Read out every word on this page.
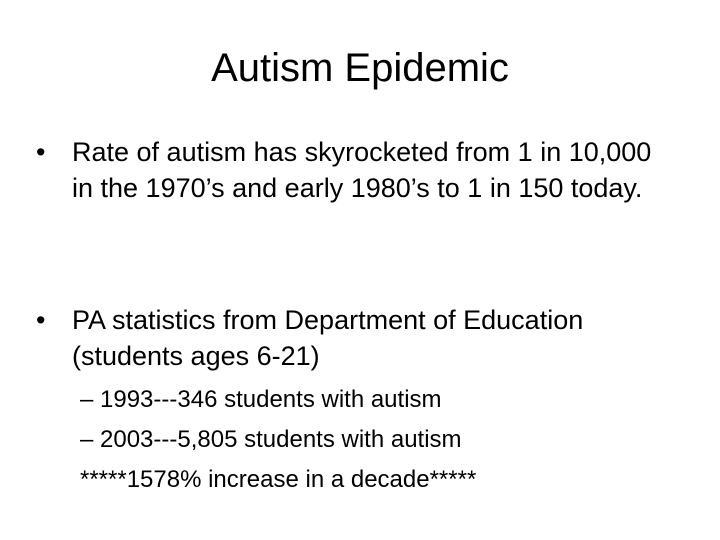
Autism Epidemic
• Rate of autism has skyrocketed from 1 in 10,000 in the 1970’s and early 1980’s to 1 in 150 today.
• PA statistics from Department of Education (students ages 6-21)
– 1993---346 students with autism
– 2003---5,805 students with autism
*****1578% increase in a decade*****
